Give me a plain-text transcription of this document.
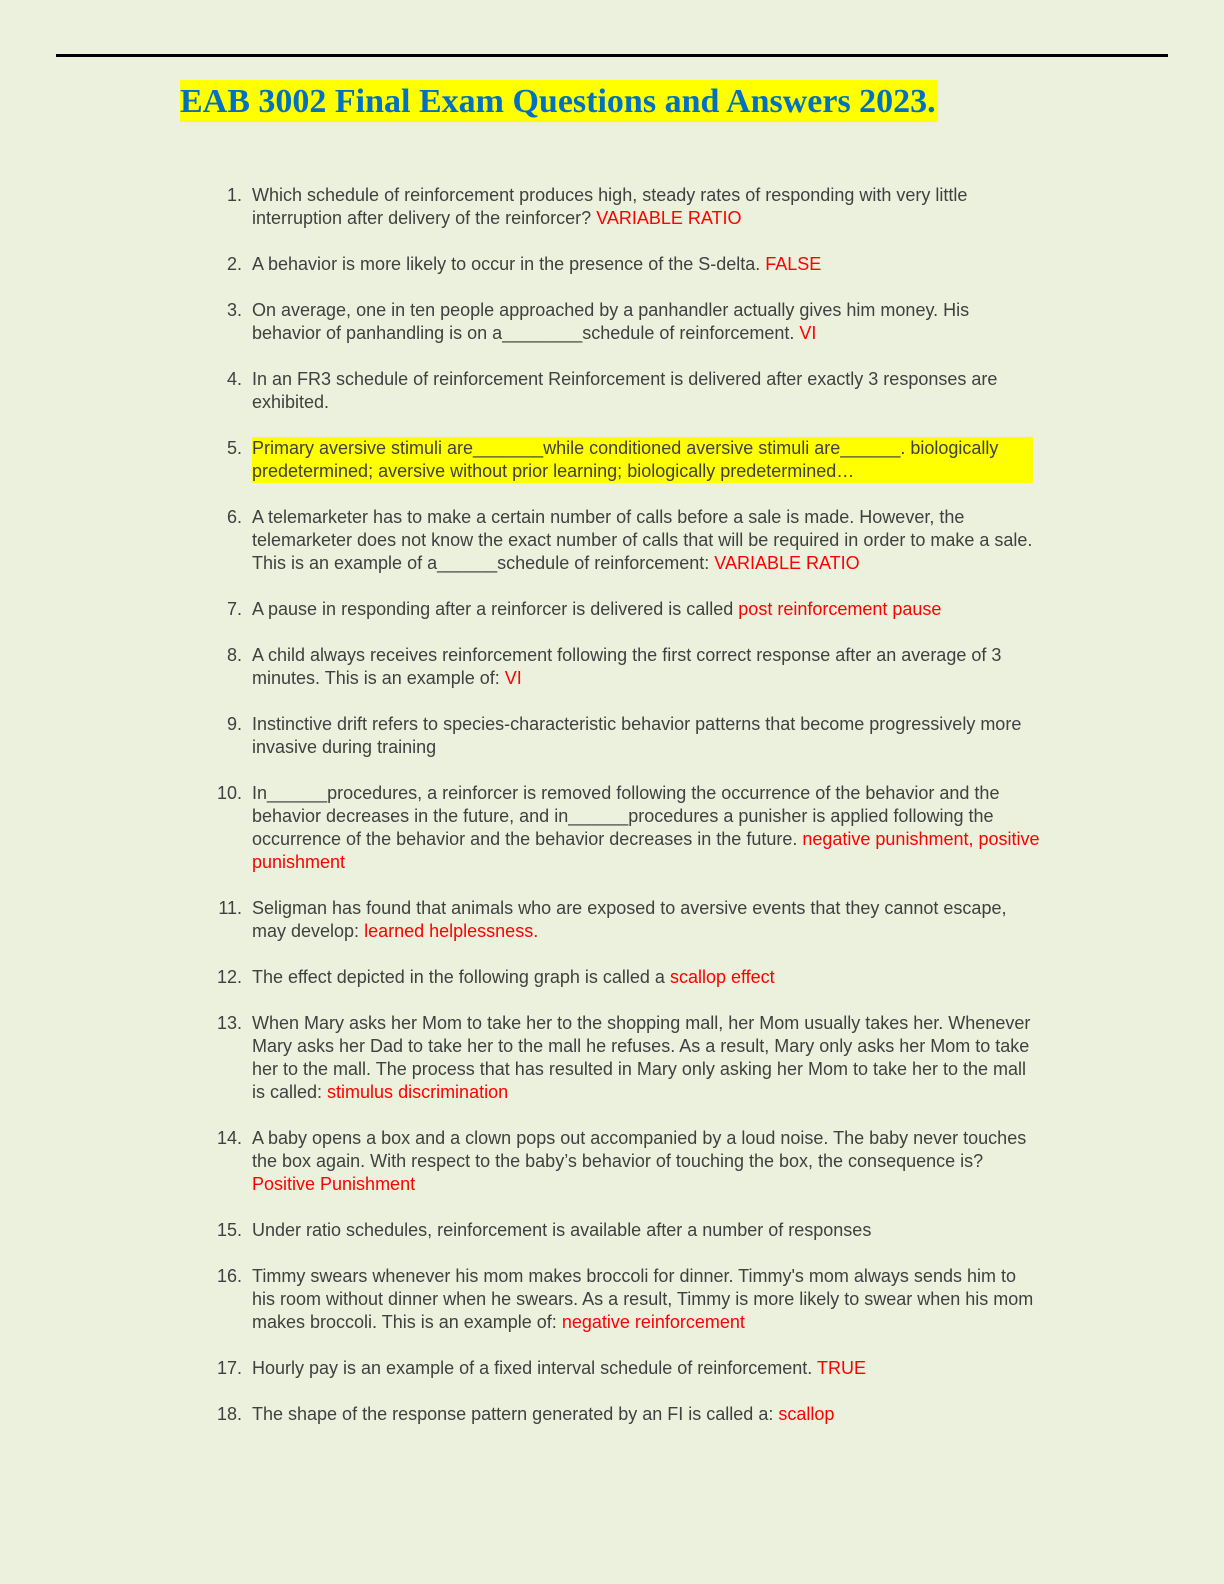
EAB 3002 Final Exam Questions and Answers 2023.
1. Which schedule of reinforcement produces high, steady rates of responding with very little interruption after delivery of the reinforcer? VARIABLE RATIO
2. A behavior is more likely to occur in the presence of the S-delta. FALSE
3. On average, one in ten people approached by a panhandler actually gives him money. His behavior of panhandling is on a________schedule of reinforcement. VI
4. In an FR3 schedule of reinforcement Reinforcement is delivered after exactly 3 responses are exhibited.
5. Primary aversive stimuli are_______while conditioned aversive stimuli are______. biologically predetermined; aversive without prior learning; biologically predetermined…
6. A telemarketer has to make a certain number of calls before a sale is made. However, the telemarketer does not know the exact number of calls that will be required in order to make a sale. This is an example of a______schedule of reinforcement: VARIABLE RATIO
7. A pause in responding after a reinforcer is delivered is called post reinforcement pause
8. A child always receives reinforcement following the first correct response after an average of 3 minutes. This is an example of: VI
9. Instinctive drift refers to species-characteristic behavior patterns that become progressively more invasive during training
10. In______procedures, a reinforcer is removed following the occurrence of the behavior and the behavior decreases in the future, and in______procedures a punisher is applied following the occurrence of the behavior and the behavior decreases in the future. negative punishment, positive punishment
11. Seligman has found that animals who are exposed to aversive events that they cannot escape, may develop: learned helplessness.
12. The effect depicted in the following graph is called a scallop effect
13. When Mary asks her Mom to take her to the shopping mall, her Mom usually takes her. Whenever Mary asks her Dad to take her to the mall he refuses. As a result, Mary only asks her Mom to take her to the mall. The process that has resulted in Mary only asking her Mom to take her to the mall is called: stimulus discrimination
14. A baby opens a box and a clown pops out accompanied by a loud noise. The baby never touches the box again. With respect to the baby’s behavior of touching the box, the consequence is? Positive Punishment
15. Under ratio schedules, reinforcement is available after a number of responses
16. Timmy swears whenever his mom makes broccoli for dinner. Timmy's mom always sends him to his room without dinner when he swears. As a result, Timmy is more likely to swear when his mom makes broccoli. This is an example of: negative reinforcement
17. Hourly pay is an example of a fixed interval schedule of reinforcement. TRUE
18. The shape of the response pattern generated by an FI is called a: scallop
